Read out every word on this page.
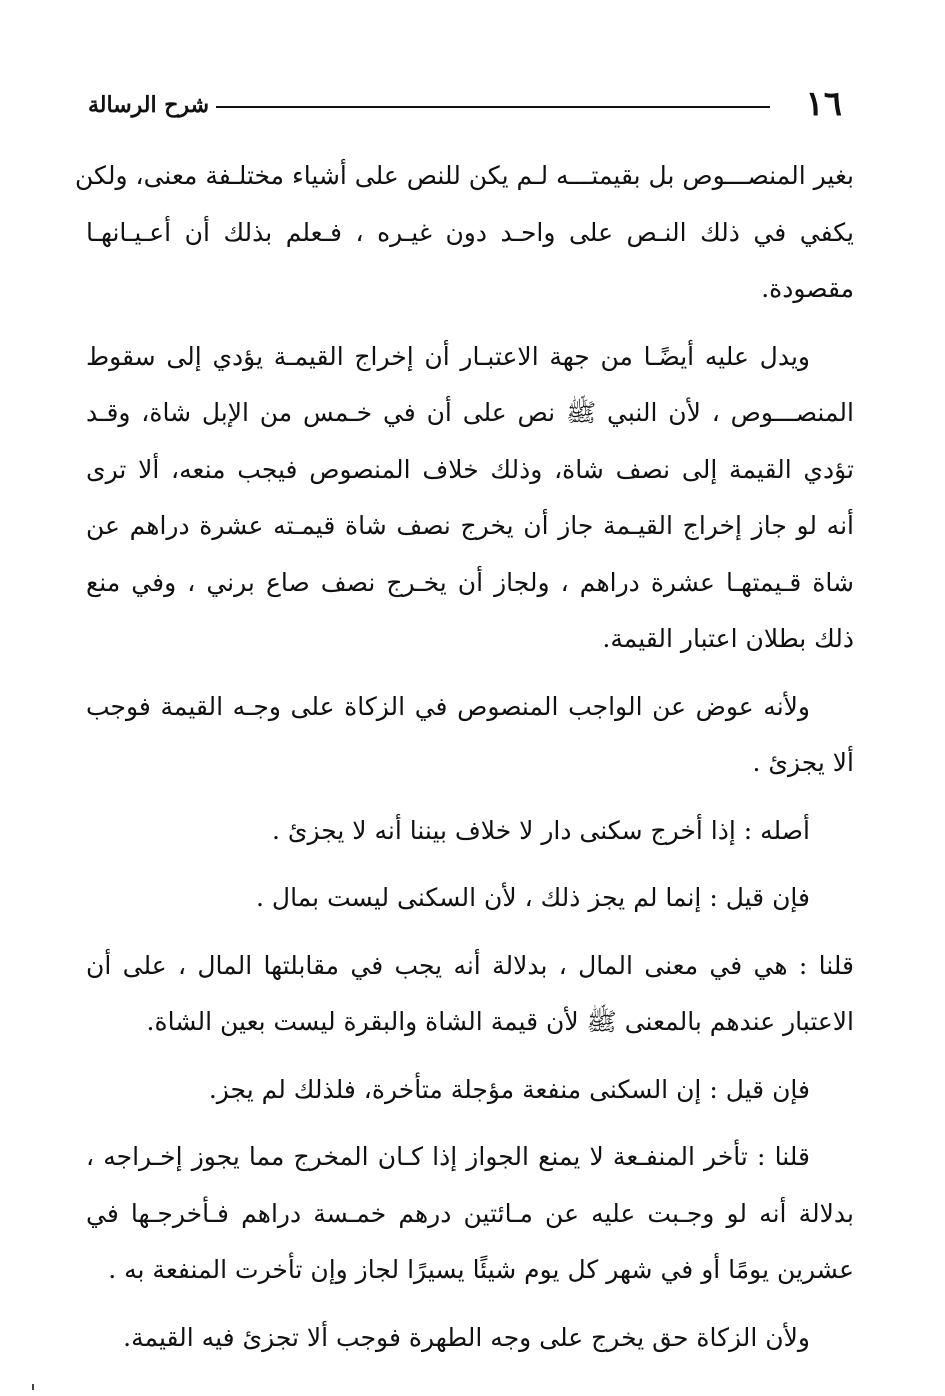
١٦
شرح الرسالة
بغير المنصـــوص بل بقيمتـــه لـم يكن للنص على أشياء مختلـفة معنى، ولكن
يكفي في ذلك النـص على واحـد دون غيـره ، فـعلم بذلك أن أعـيـانهـا
مقصودة.
ويدل عليه أيضًـا من جهة الاعتبـار أن إخراج القيمـة يؤدي إلى سقوط
المنصـــوص ، لأن النبي ﷺ نص على أن في خـمس من الإبل شاة، وقـد
تؤدي القيمة إلى نصف شاة، وذلك خلاف المنصوص فيجب منعه، ألا ترى
أنه لو جاز إخراج القيـمة جاز أن يخرج نصف شاة قيمـته عشرة دراهم عن
شاة قـيمتهـا عشرة دراهم ، ولجاز أن يخـرج نصف صاع برني ، وفي منع
ذلك بطلان اعتبار القيمة.
ولأنه عوض عن الواجب المنصوص في الزكاة على وجـه القيمة فوجب
ألا يجزئ .
أصله : إذا أخرج سكنى دار لا خلاف بيننا أنه لا يجزئ .
فإن قيل : إنما لم يجز ذلك ، لأن السكنى ليست بمال .
قلنا : هي في معنى المال ، بدلالة أنه يجب في مقابلتها المال ، على أن
الاعتبار عندهم بالمعنى ﷺ لأن قيمة الشاة والبقرة ليست بعين الشاة.
فإن قيل : إن السكنى منفعة مؤجلة متأخرة، فلذلك لم يجز.
قلنا : تأخر المنفـعة لا يمنع الجواز إذا كـان المخرج مما يجوز إخـراجه ،
بدلالة أنه لو وجـبت عليه عن مـائتين درهم خمـسة دراهم فـأخرجـها في
عشرين يومًا أو في شهر كل يوم شيئًا يسيرًا لجاز وإن تأخرت المنفعة به .
ولأن الزكاة حق يخرج على وجه الطهرة فوجب ألا تجزئ فيه القيمة.
